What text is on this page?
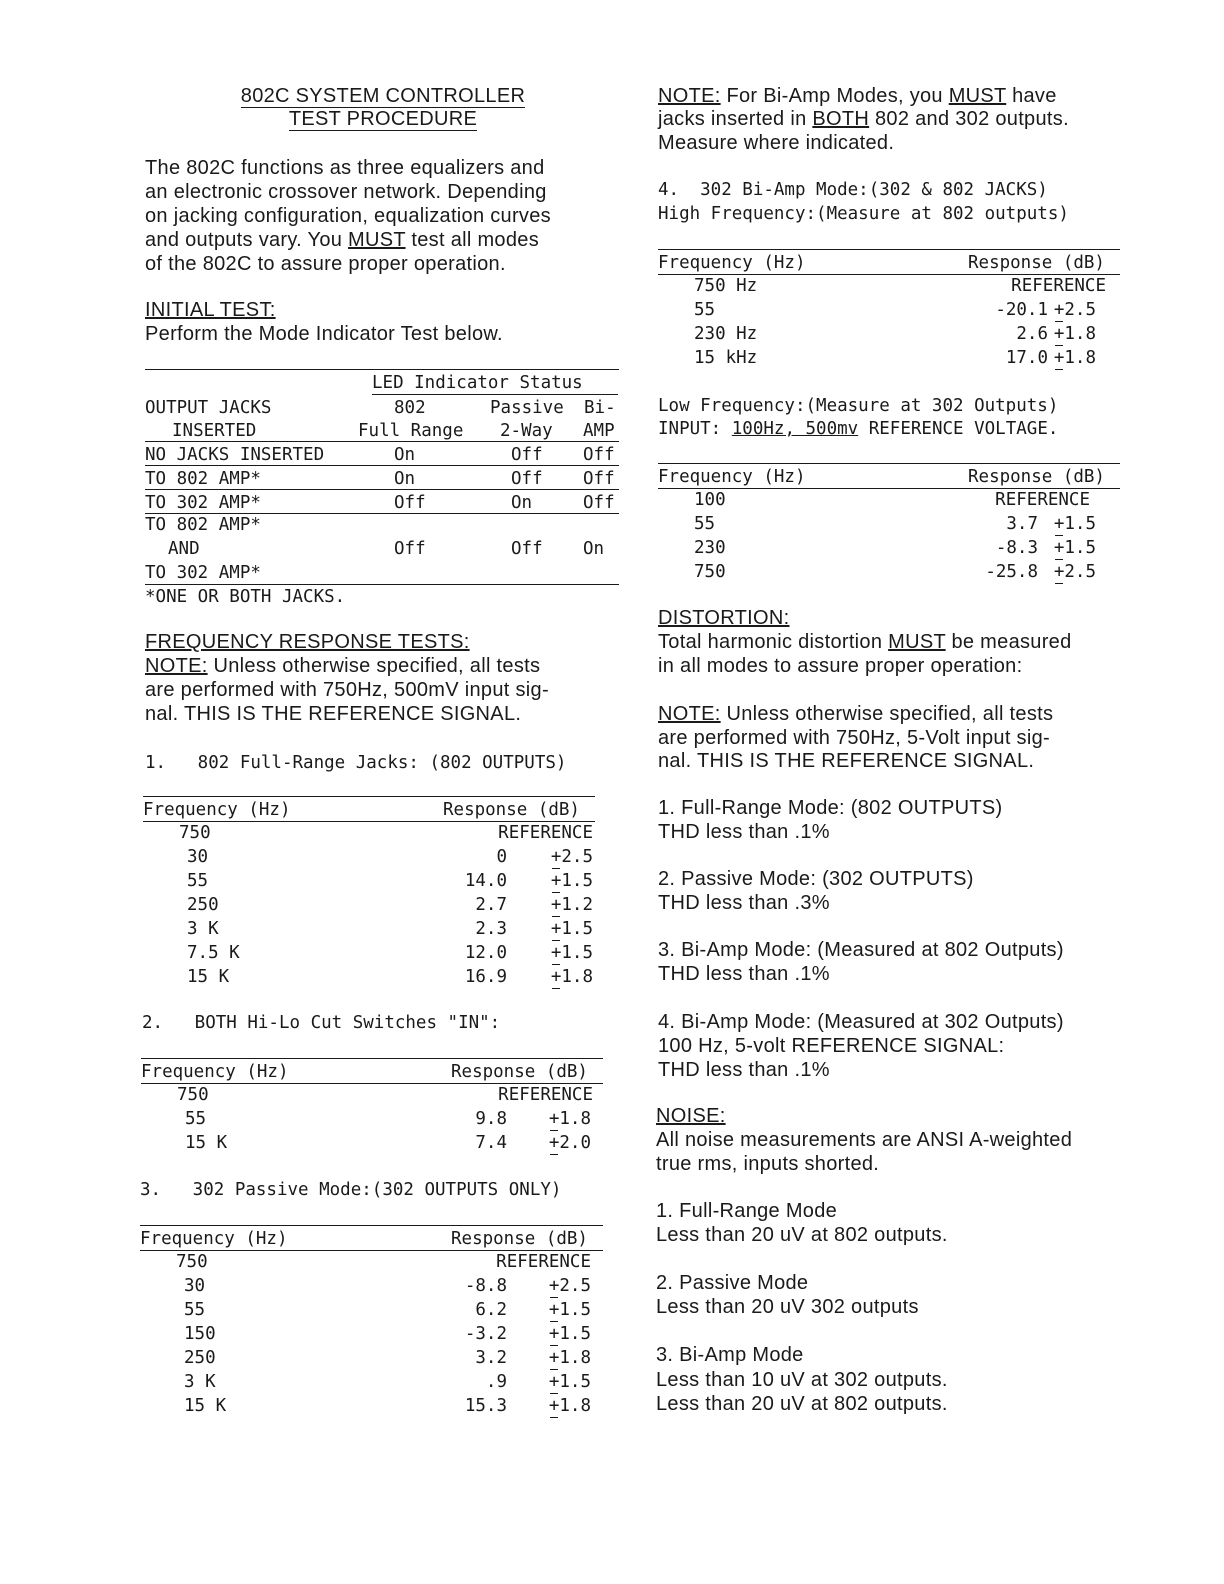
802C SYSTEM CONTROLLER
TEST PROCEDURE
The 802C functions as three equalizers and
an electronic crossover network. Depending
on jacking configuration, equalization curves
and outputs vary. You MUST test all modes
of the 802C to assure proper operation.
INITIAL TEST:
Perform the Mode Indicator Test below.
LED Indicator Status
OUTPUT JACKS	802	Passive Bi-
INSERTED	Full Range 2-Way AMP
NO JACKS INSERTED	On	Off Off
TO 802 AMP*	On	Off Off
TO 302 AMP*	Off	On	Off
TO 802 AMP*
AND	Off	Off On
TO 302 AMP*
*ONE OR BOTH JACKS.
FREQUENCY RESPONSE TESTS:
NOTE: Unless otherwise specified, all tests
are performed with 750Hz, 500mV input sig-
nal. THIS IS THE REFERENCE SIGNAL.
1.   802 Full-Range Jacks: (802 OUTPUTS)
Frequency (Hz)	Response (dB)
750	REFERENCE
30	0	+2.5
55	14.0	+1.5
250	2.7	+1.2
3 K	2.3	+1.5
7.5 K	12.0	+1.5
15 K	16.9	+1.8
2.   BOTH Hi-Lo Cut Switches "IN":
Frequency (Hz)	Response (dB)
750	REFERENCE
55	9.8 +1.8
15 K	7.4 +2.0
3.   302 Passive Mode:(302 OUTPUTS ONLY)
Frequency (Hz)	Response (dB)
750	REFERENCE
30	-8.8 +2.5
55	6.2 +1.5
150	-3.2 +1.5
250	3.2 +1.8
3 K	.9 +1.5
15 K	15.3 +1.8
NOTE: For Bi-Amp Modes, you MUST have
jacks inserted in BOTH 802 and 302 outputs.
Measure where indicated.
4.  302 Bi-Amp Mode:(302 & 802 JACKS)
High Frequency:(Measure at 802 outputs)
Frequency (Hz)	Response (dB)
750 Hz	REFERENCE
55	-20.1 +2.5
230 Hz	2.6 +1.8
15 kHz	17.0 +1.8
Low Frequency:(Measure at 302 Outputs)
INPUT: 100Hz, 500mv REFERENCE VOLTAGE.
Frequency (Hz)	Response (dB)
100	REFERENCE
55	3.7 +1.5
230	-8.3 +1.5
750	-25.8 +2.5
DISTORTION:
Total harmonic distortion MUST be measured
in all modes to assure proper operation:
NOTE: Unless otherwise specified, all tests
are performed with 750Hz, 5-Volt input sig-
nal. THIS IS THE REFERENCE SIGNAL.
1. Full-Range Mode: (802 OUTPUTS)
THD less than .1%
2. Passive Mode: (302 OUTPUTS)
THD less than .3%
3. Bi-Amp Mode: (Measured at 802 Outputs)
THD less than .1%
4. Bi-Amp Mode: (Measured at 302 Outputs)
100 Hz, 5-volt REFERENCE SIGNAL:
THD less than .1%
NOISE:
All noise measurements are ANSI A-weighted
true rms, inputs shorted.
1. Full-Range Mode
Less than 20 uV at 802 outputs.
2. Passive Mode
Less than 20 uV 302 outputs
3. Bi-Amp Mode
Less than 10 uV at 302 outputs.
Less than 20 uV at 802 outputs.
